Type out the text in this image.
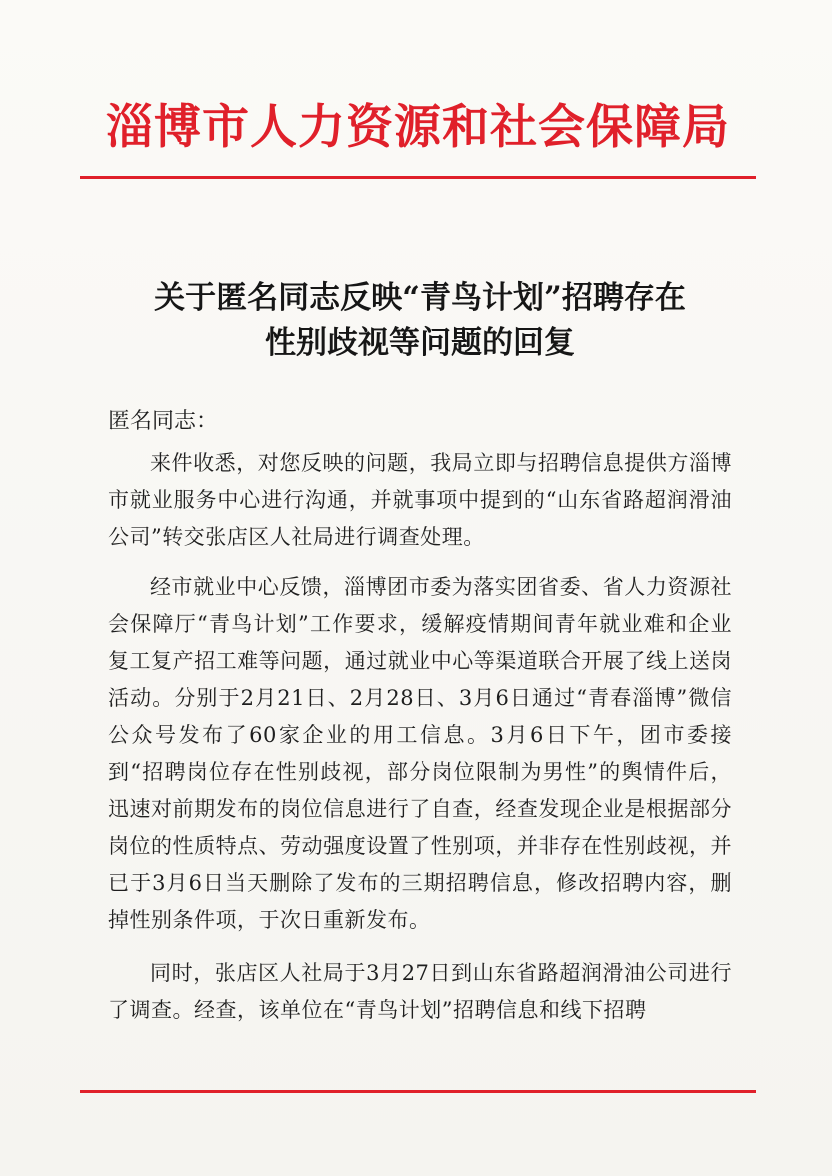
淄博市人力资源和社会保障局
关于匿名同志反映“青鸟计划”招聘存在
性别歧视等问题的回复
匿名同志：
来件收悉，对您反映的问题，我局立即与招聘信息提供方淄博市就业服务中心进行沟通，并就事项中提到的“山东省路超润滑油公司”转交张店区人社局进行调查处理。
经市就业中心反馈，淄博团市委为落实团省委、省人力资源社会保障厅“青鸟计划”工作要求，缓解疫情期间青年就业难和企业复工复产招工难等问题，通过就业中心等渠道联合开展了线上送岗活动。分别于2月21日、2月28日、3月6日通过“青春淄博”微信公众号发布了60家企业的用工信息。3月6日下午，团市委接到“招聘岗位存在性别歧视，部分岗位限制为男性”的舆情件后，迅速对前期发布的岗位信息进行了自查，经查发现企业是根据部分岗位的性质特点、劳动强度设置了性别项，并非存在性别歧视，并已于3月6日当天删除了发布的三期招聘信息，修改招聘内容，删掉性别条件项，于次日重新发布。
同时，张店区人社局于3月27日到山东省路超润滑油公司进行了调查。经查，该单位在“青鸟计划”招聘信息和线下招聘
